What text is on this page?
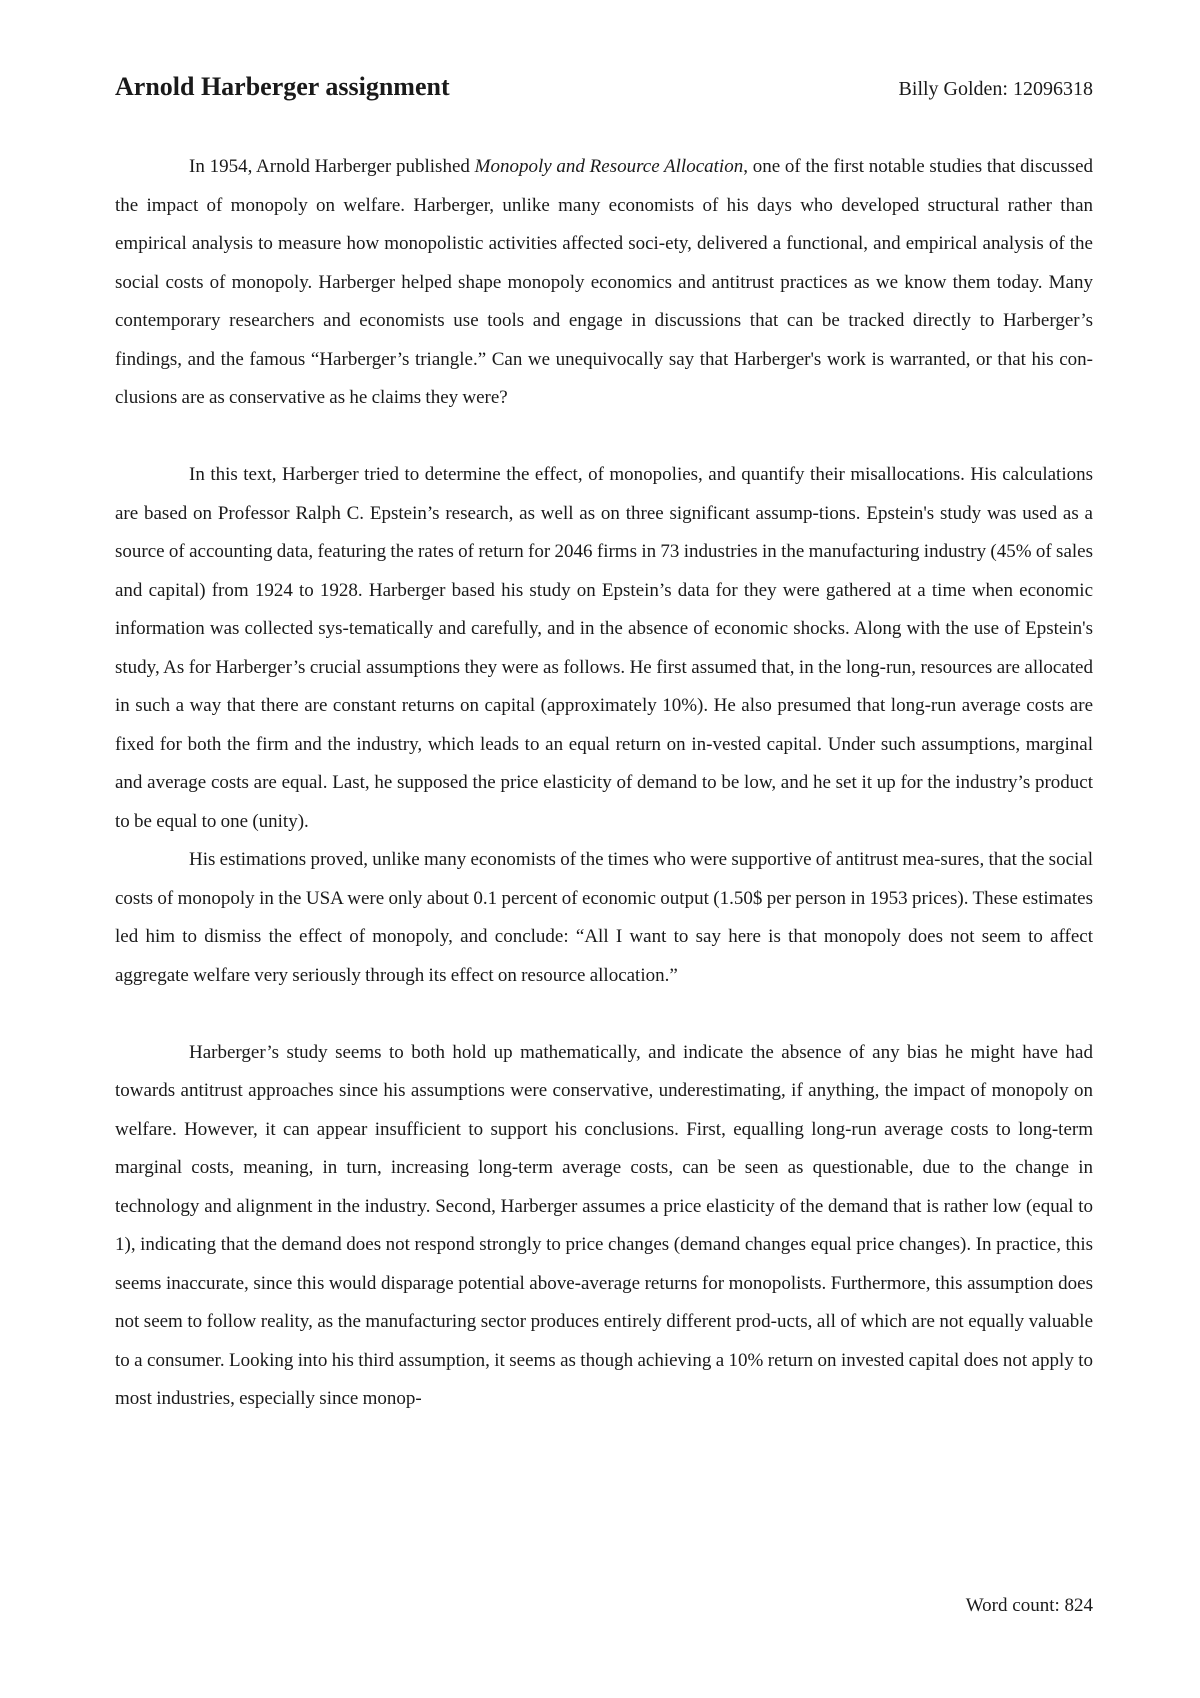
Arnold Harberger assignment	Billy Golden: 12096318

In 1954, Arnold Harberger published Monopoly and Resource Allocation, one of the first notable studies that discussed the impact of monopoly on welfare. Harberger, unlike many economists of his days who developed structural rather than empirical analysis to measure how monopolistic activities affected soci-ety, delivered a functional, and empirical analysis of the social costs of monopoly. Harberger helped shape monopoly economics and antitrust practices as we know them today. Many contemporary researchers and economists use tools and engage in discussions that can be tracked directly to Harberger’s findings, and the famous “Harberger’s triangle.” Can we unequivocally say that Harberger's work is warranted, or that his con-clusions are as conservative as he claims they were?

In this text, Harberger tried to determine the effect, of monopolies, and quantify their misallocations. His calculations are based on Professor Ralph C. Epstein’s research, as well as on three significant assump-tions. Epstein's study was used as a source of accounting data, featuring the rates of return for 2046 firms in 73 industries in the manufacturing industry (45% of sales and capital) from 1924 to 1928. Harberger based his study on Epstein’s data for they were gathered at a time when economic information was collected sys-tematically and carefully, and in the absence of economic shocks. Along with the use of Epstein's study, As for Harberger’s crucial assumptions they were as follows. He first assumed that, in the long-run, resources are allocated in such a way that there are constant returns on capital (approximately 10%). He also presumed that long-run average costs are fixed for both the firm and the industry, which leads to an equal return on in-vested capital. Under such assumptions, marginal and average costs are equal. Last, he supposed the price elasticity of demand to be low, and he set it up for the industry’s product to be equal to one (unity).

His estimations proved, unlike many economists of the times who were supportive of antitrust mea-sures, that the social costs of monopoly in the USA were only about 0.1 percent of economic output (1.50$ per person in 1953 prices). These estimates led him to dismiss the effect of monopoly, and conclude: “All I want to say here is that monopoly does not seem to affect aggregate welfare very seriously through its effect on resource allocation.”

Harberger’s study seems to both hold up mathematically, and indicate the absence of any bias he might have had towards antitrust approaches since his assumptions were conservative, underestimating, if anything, the impact of monopoly on welfare. However, it can appear insufficient to support his conclusions. First, equalling long-run average costs to long-term marginal costs, meaning, in turn, increasing long-term average costs, can be seen as questionable, due to the change in technology and alignment in the industry. Second, Harberger assumes a price elasticity of the demand that is rather low (equal to 1), indicating that the demand does not respond strongly to price changes (demand changes equal price changes). In practice, this seems inaccurate, since this would disparage potential above-average returns for monopolists. Furthermore, this assumption does not seem to follow reality, as the manufacturing sector produces entirely different prod-ucts, all of which are not equally valuable to a consumer. Looking into his third assumption, it seems as though achieving a 10% return on invested capital does not apply to most industries, especially since monop-

Word count: 824
